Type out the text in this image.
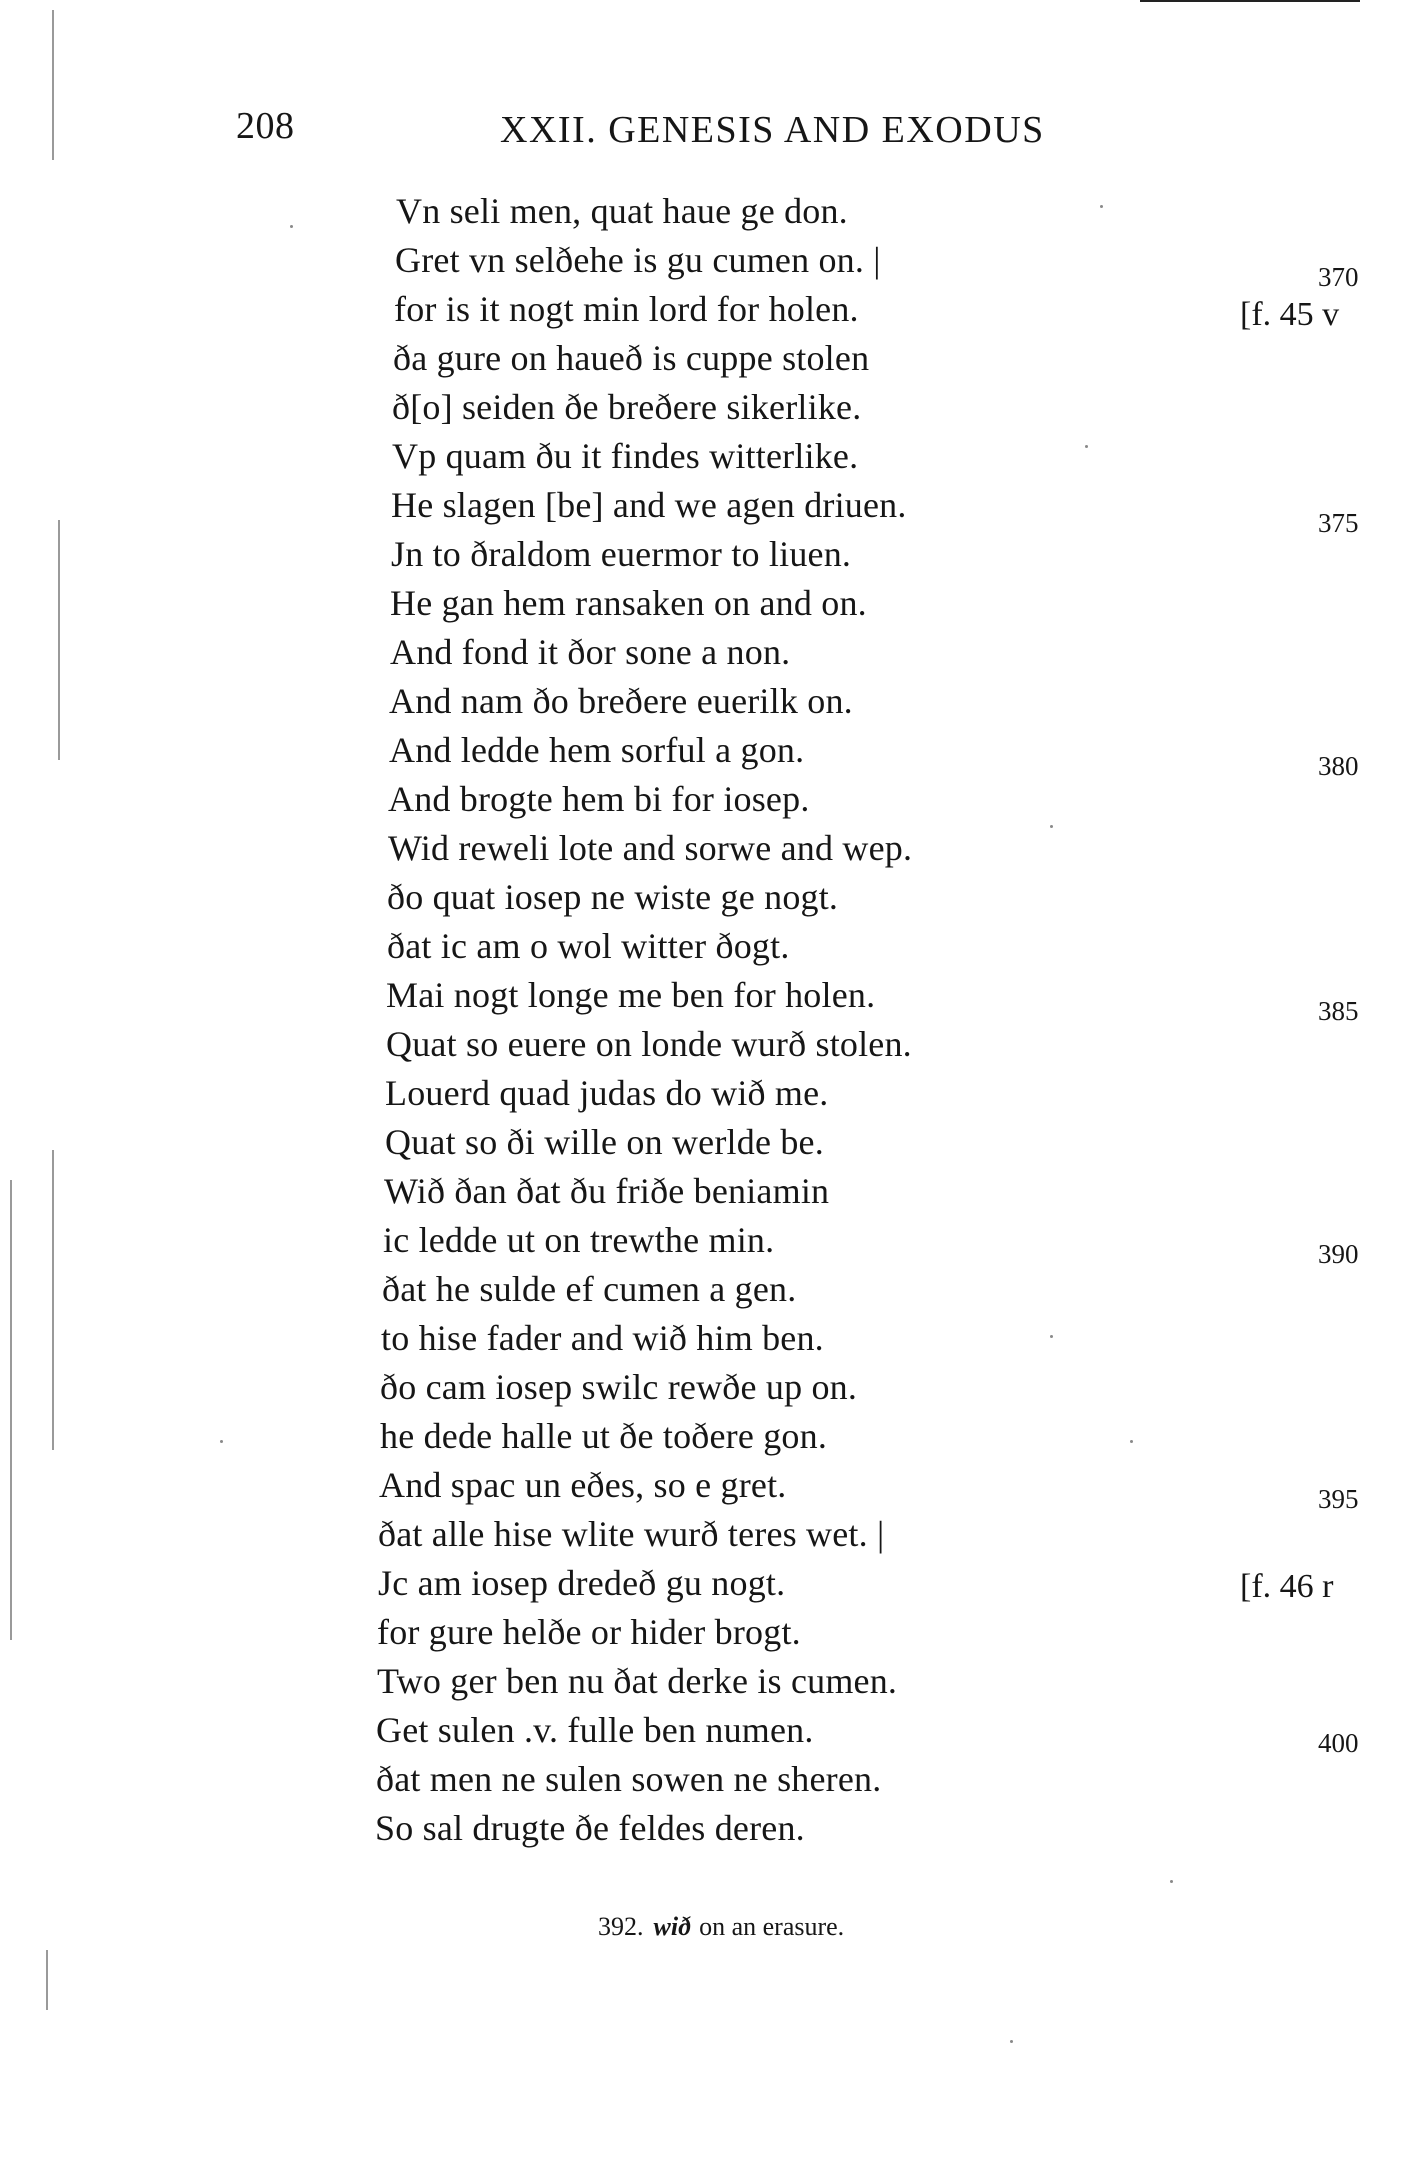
208	XXII. GENESIS AND EXODUS
Vn seli men, quat haue ge don.
Gret vn selðehe is gu cumen on. |
for is it nogt min lord for holen.
ða gure on haueð is cuppe stolen
ð[o] seiden ðe breðere sikerlike.
Vp quam ðu it findes witterlike.
He slagen [be] and we agen driuen.
Jn to ðraldom euermor to liuen.
He gan hem ransaken on and on.
And fond it ðor sone a non.
And nam ðo breðere euerilk on.
And ledde hem sorful a gon.
And brogte hem bi for iosep.
Wid reweli lote and sorwe and wep.
ðo quat iosep ne wiste ge nogt.
ðat ic am o wol witter ðogt.
Mai nogt longe me ben for holen.
Quat so euere on londe wurð stolen.
Louerd quad judas do wið me.
Quat so ði wille on werlde be.
Wið ðan ðat ðu friðe beniamin
ic ledde ut on trewthe min.
ðat he sulde ef cumen a gen.
to hise fader and wið him ben.
ðo cam iosep swilc rewðe up on.
he dede halle ut ðe toðere gon.
And spac un eðes, so e gret.
ðat alle hise wlite wurð teres wet. |
Jc am iosep dredeð gu nogt.
for gure helðe or hider brogt.
Two ger ben nu ðat derke is cumen.
Get sulen .v. fulle ben numen.
ðat men ne sulen sowen ne sheren.
So sal drugte ðe feldes deren.
370
375
380
385
390
395
400
[f. 45 v
[f. 46 r
392. wið on an erasure.
